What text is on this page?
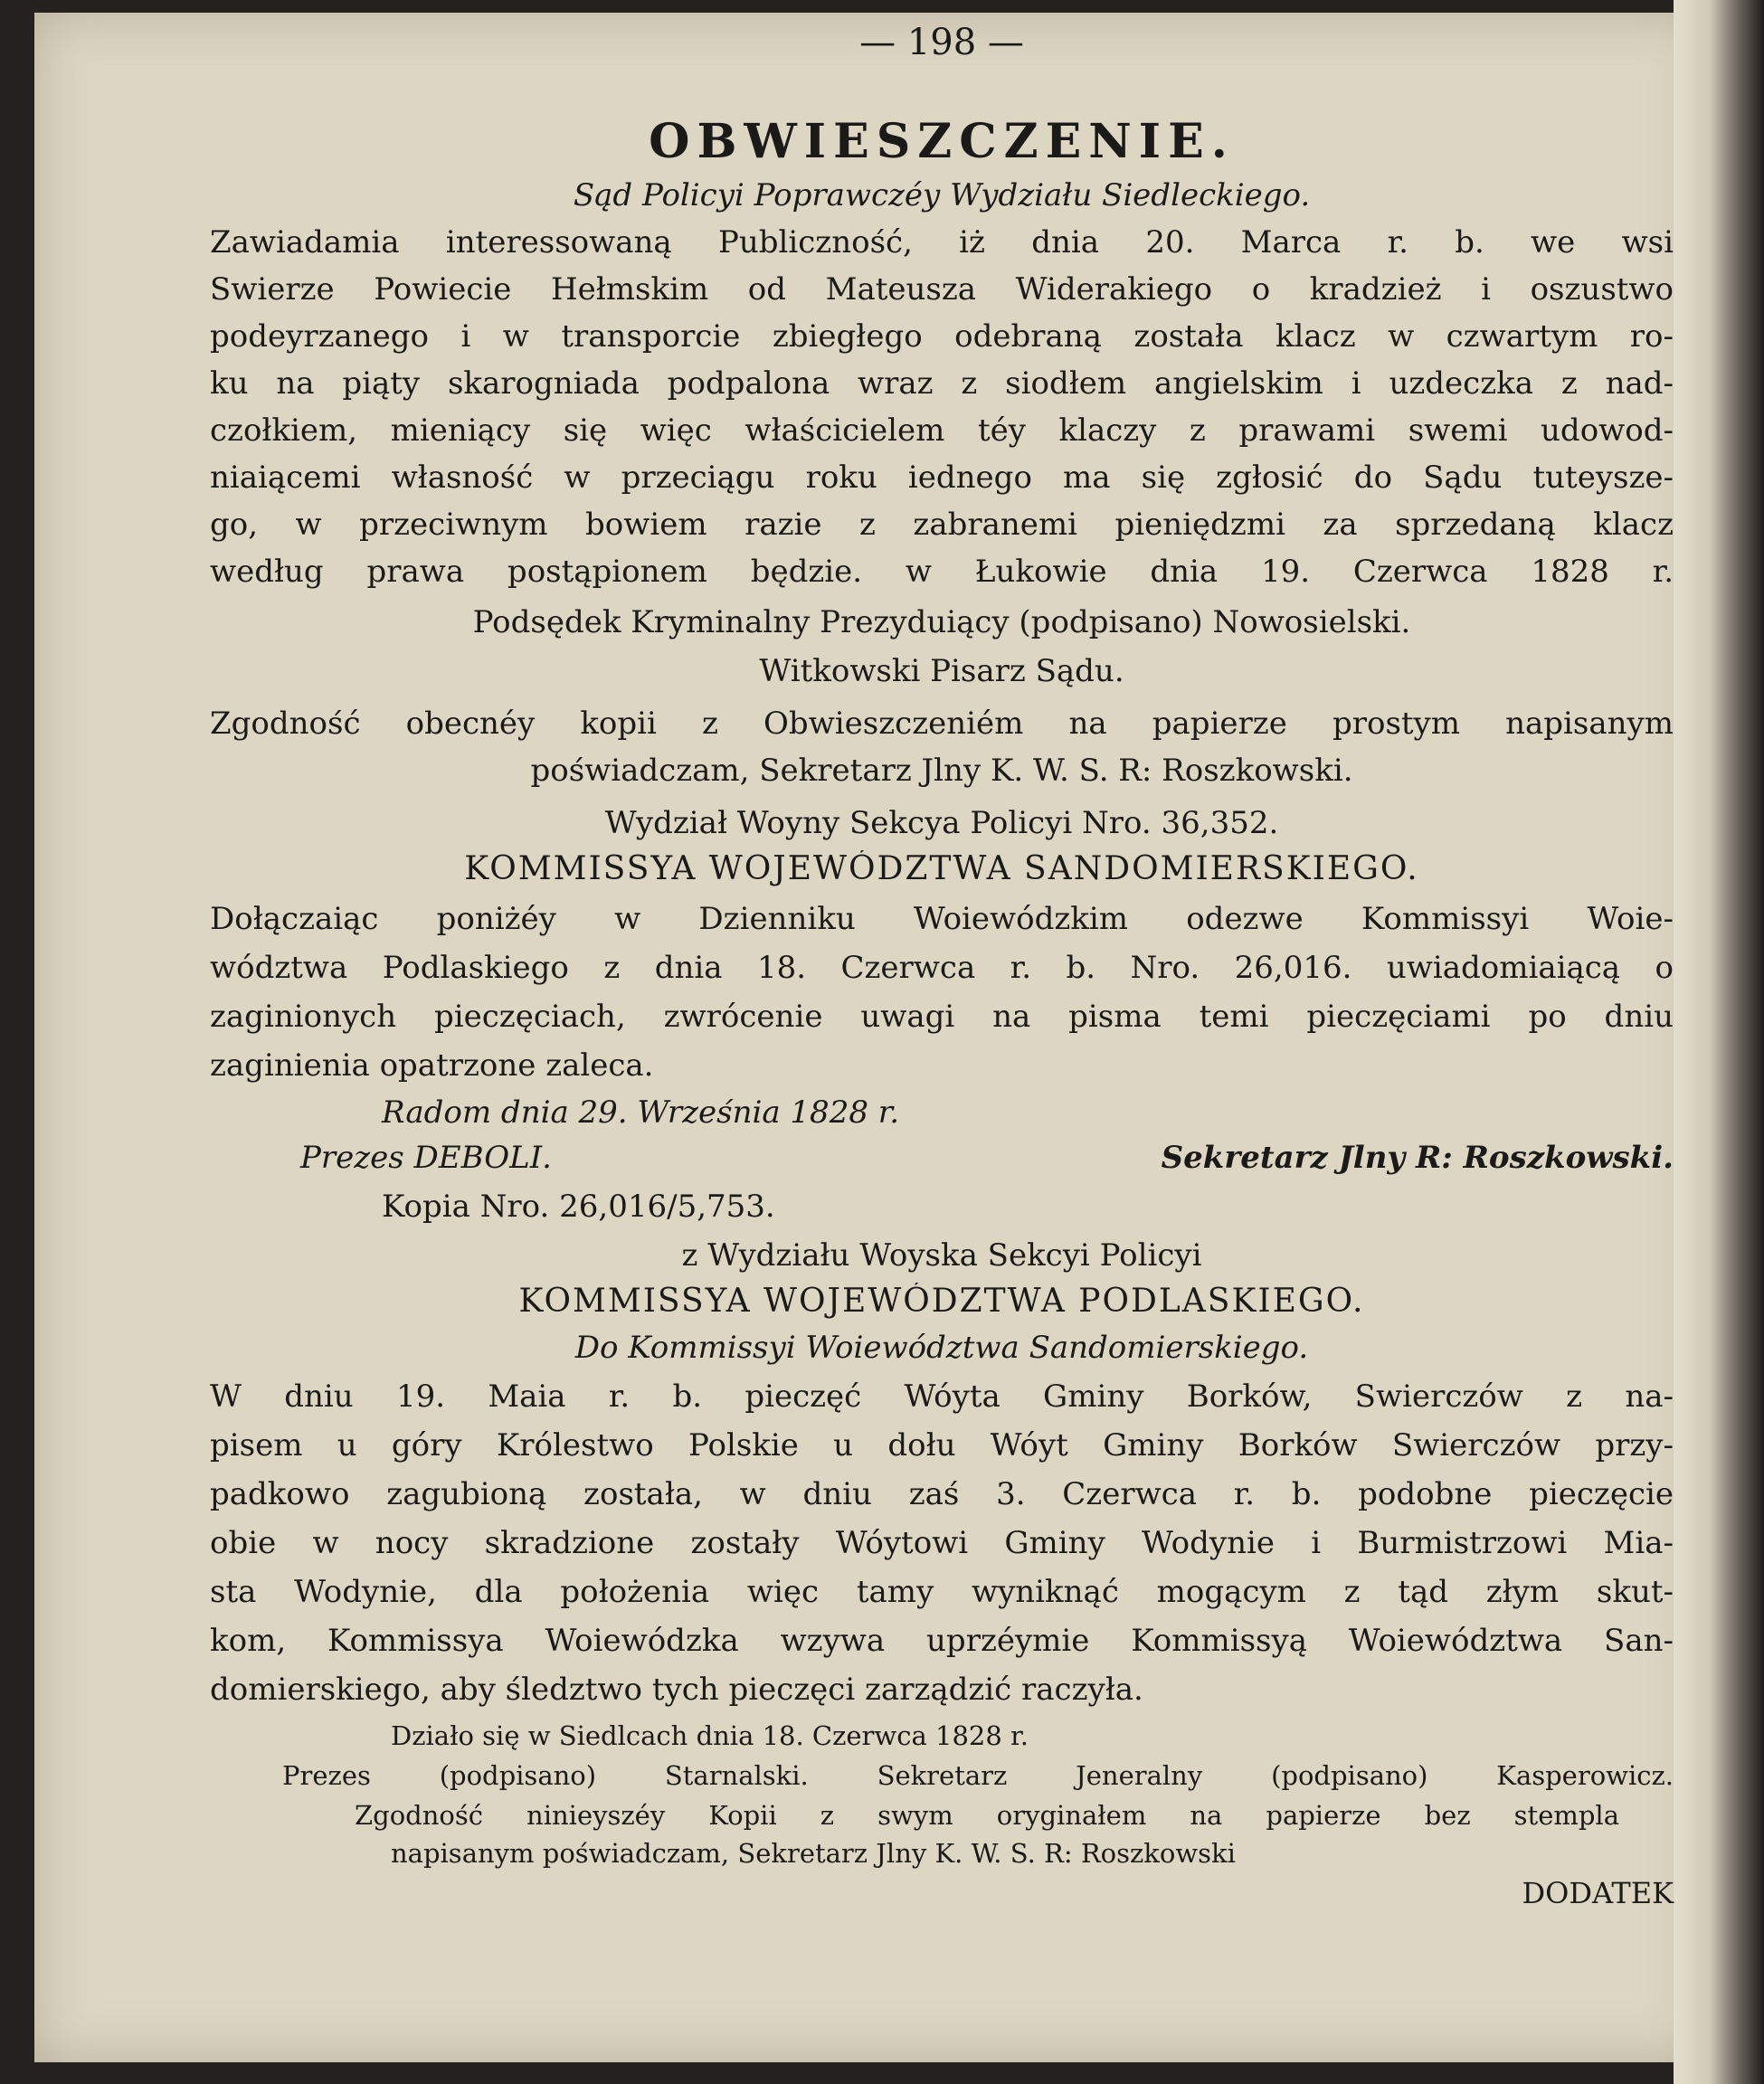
— 198 —
OBWIESZCZENIE.
Sąd Policyi Poprawczéy Wydziału Siedleckiego.
Zawiadamia interessowaną Publiczność, iż dnia 20. Marca r. b. we wsi
Swierze Powiecie Hełmskim od Mateusza Widerakiego o kradzież i oszustwo
podeyrzanego i w transporcie zbiegłego odebraną została klacz w czwartym ro-
ku na piąty skarogniada podpalona wraz z siodłem angielskim i uzdeczka z nad-
czołkiem, mieniący się więc właścicielem téy klaczy z prawami swemi udowod-
niaiącemi własność w przeciągu roku iednego ma się zgłosić do Sądu tuteysze-
go, w przeciwnym bowiem razie z zabranemi pieniędzmi za sprzedaną klacz
według prawa postąpionem będzie. w Łukowie dnia 19. Czerwca 1828 r.
Podsędek Kryminalny Prezyduiący (podpisano) Nowosielski.
Witkowski Pisarz Sądu.
Zgodność obecnéy kopii z Obwieszczeniém na papierze prostym napisanym
poświadczam, Sekretarz Jlny K. W. S. R: Roszkowski.
Wydział Woyny Sekcya Policyi Nro. 36,352.
KOMMISSYA WOJEWÓDZTWA SANDOMIERSKIEGO.
Dołączaiąc poniżéy w Dzienniku Woiewódzkim odezwe Kommissyi Woie-
wództwa Podlaskiego z dnia 18. Czerwca r. b. Nro. 26,016. uwiadomiaiącą o
zaginionych pieczęciach, zwrócenie uwagi na pisma temi pieczęciami po dniu
zaginienia opatrzone zaleca.
Radom dnia 29. Września 1828 r.
Prezes DEBOLI.	Sekretarz Jlny R: Roszkowski.
Kopia Nro. 26,016/5,753.
z Wydziału Woyska Sekcyi Policyi
KOMMISSYA WOJEWÓDZTWA PODLASKIEGO.
Do Kommissyi Woiewództwa Sandomierskiego.
W dniu 19. Maia r. b. pieczęć Wóyta Gminy Borków, Swierczów z na-
pisem u góry Królestwo Polskie u dołu Wóyt Gminy Borków Swierczów przy-
padkowo zagubioną została, w dniu zaś 3. Czerwca r. b. podobne pieczęcie
obie w nocy skradzione zostały Wóytowi Gminy Wodynie i Burmistrzowi Mia-
sta Wodynie, dla położenia więc tamy wyniknąć mogącym z tąd złym skut-
kom, Kommissya Woiewódzka wzywa uprzéymie Kommissyą Woiewództwa San-
domierskiego, aby śledztwo tych pieczęci zarządzić raczyła.
Działo się w Siedlcach dnia 18. Czerwca 1828 r.
Prezes (podpisano) Starnalski. Sekretarz Jeneralny (podpisano) Kasperowicz.
Zgodność ninieyszéy Kopii z swym oryginałem na papierze bez stempla
napisanym poświadczam, Sekretarz Jlny K. W. S. R: Roszkowski
DODATEK
